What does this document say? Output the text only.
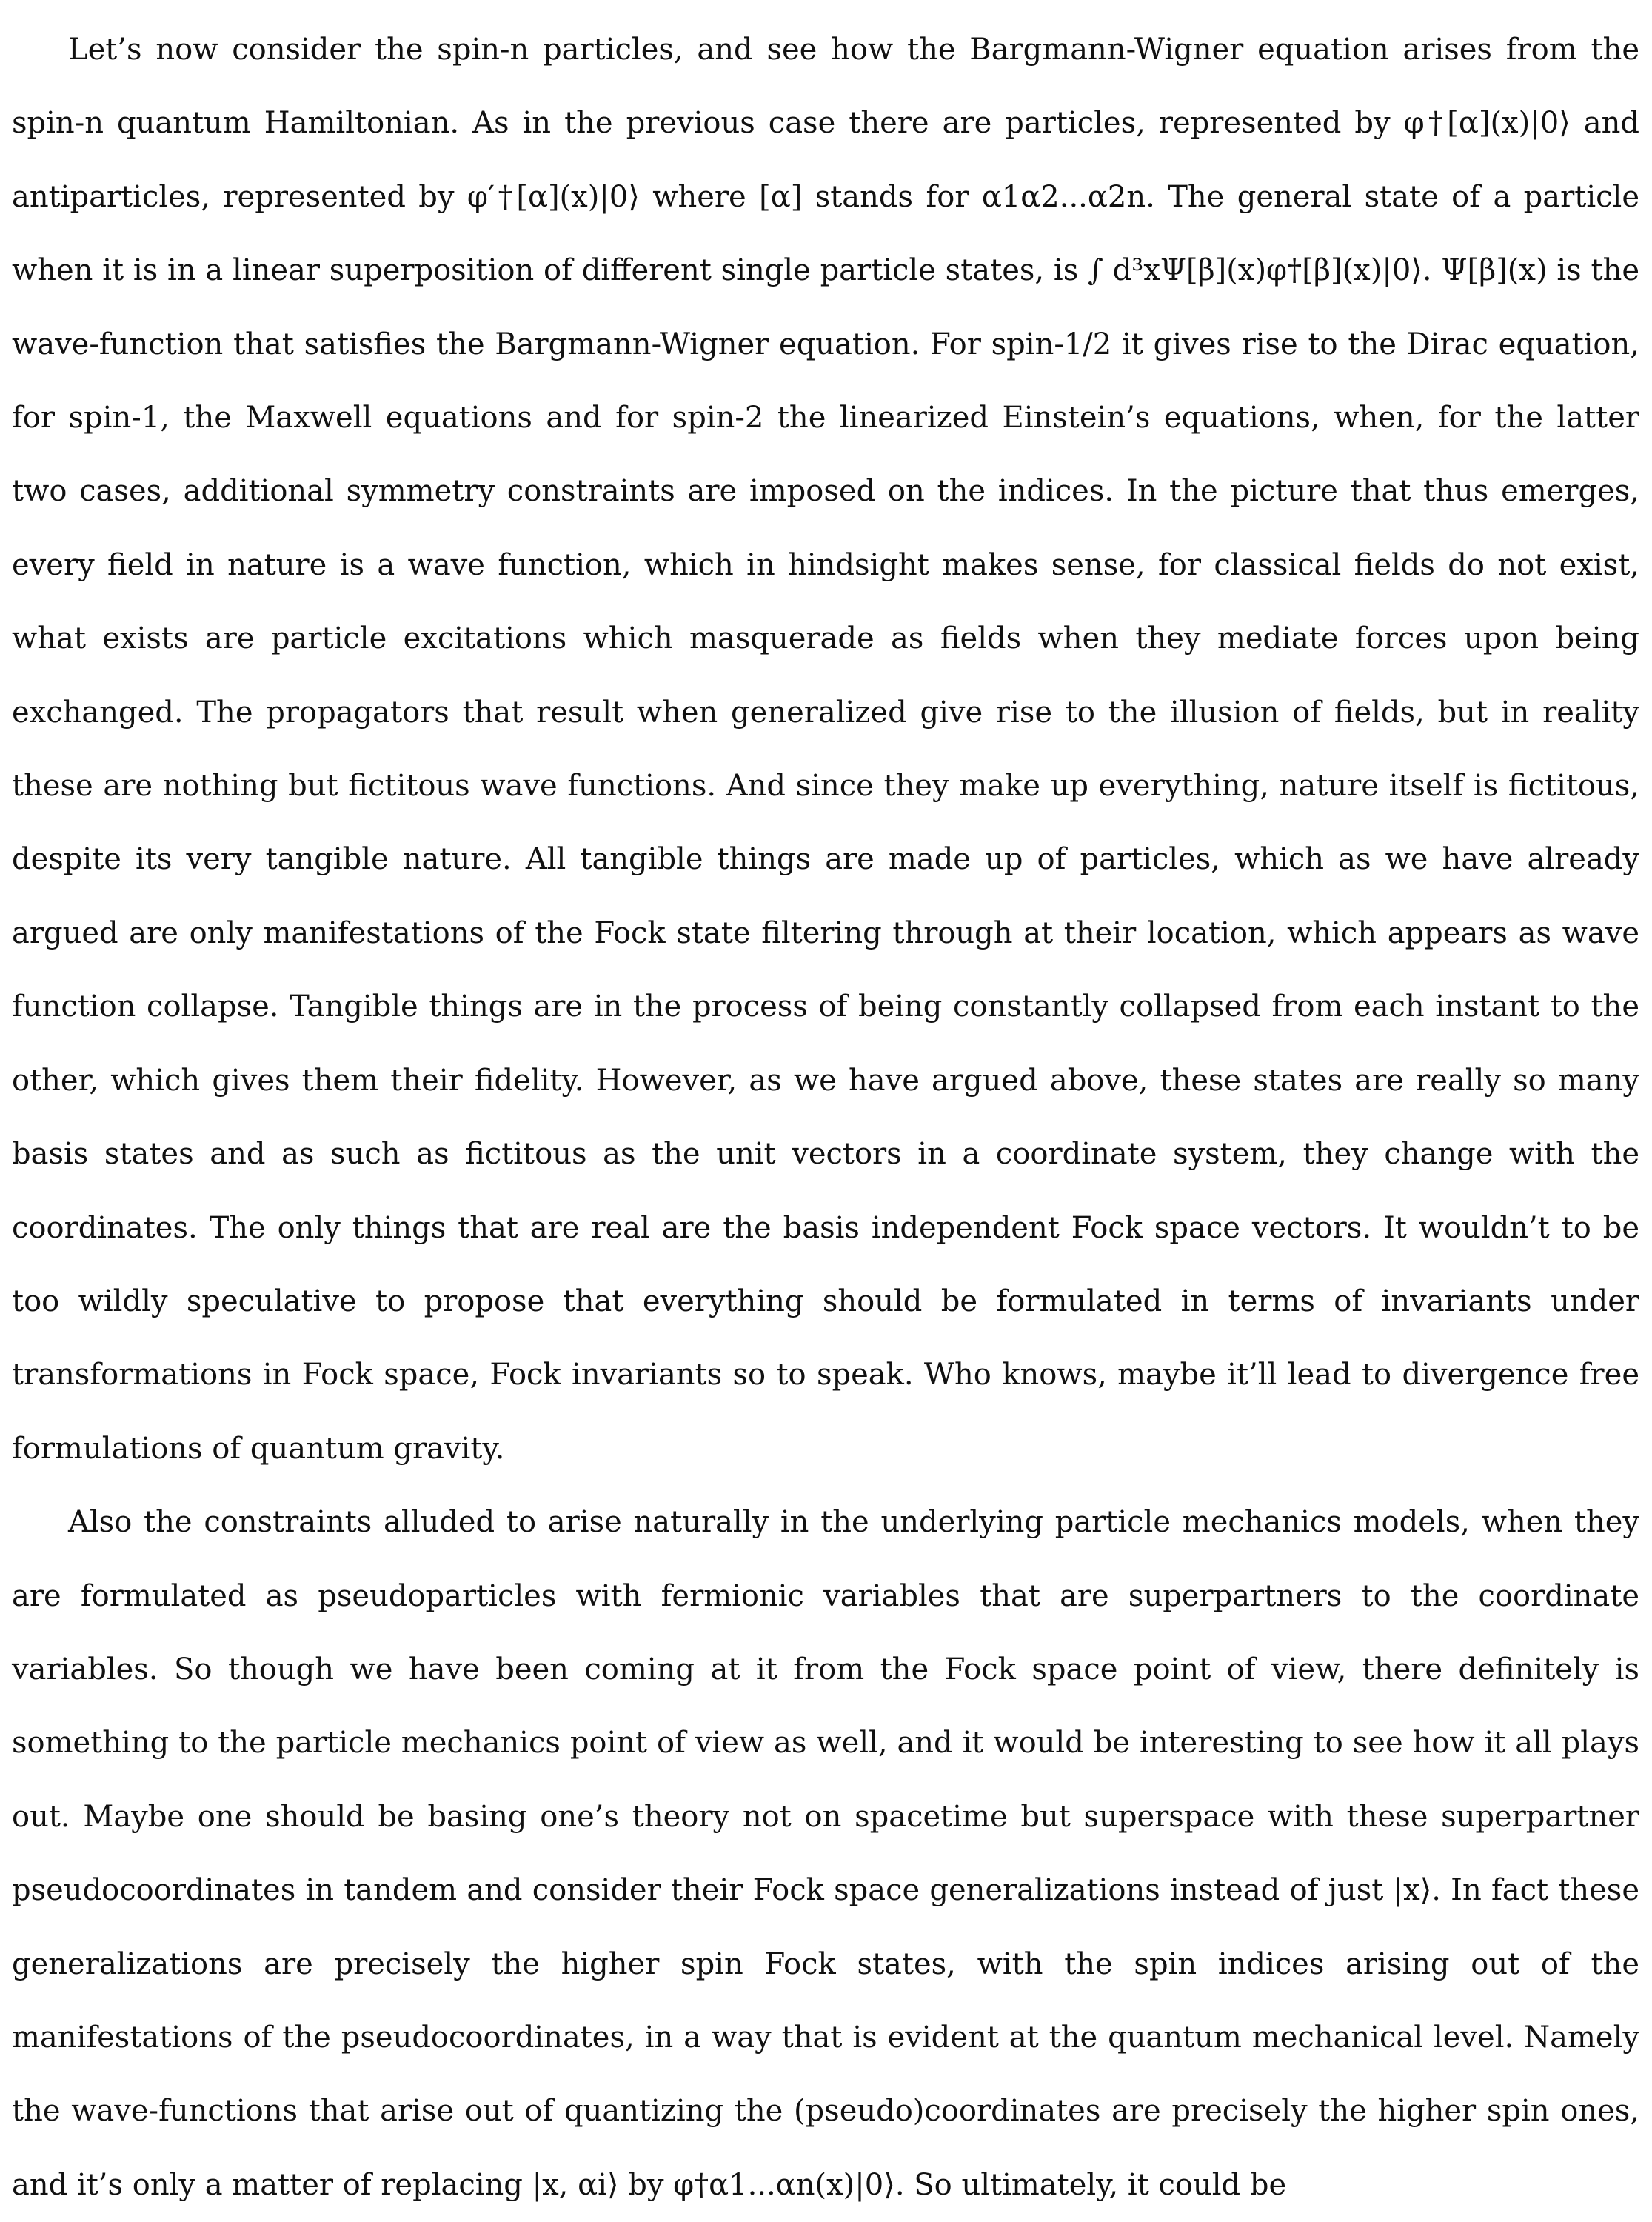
Let’s now consider the spin-n particles, and see how the Bargmann-Wigner equation arises from the spin-n quantum Hamiltonian. As in the previous case there are particles, represented by φ†[α](x)|0⟩ and antiparticles, represented by φ′†[α](x)|0⟩ where [α] stands for α1α2...α2n. The general state of a particle when it is in a linear superposition of different single particle states, is ∫ d³xΨ[β](x)φ†[β](x)|0⟩. Ψ[β](x) is the wave-function that satisfies the Bargmann-Wigner equation. For spin-1/2 it gives rise to the Dirac equation, for spin-1, the Maxwell equations and for spin-2 the linearized Einstein’s equations, when, for the latter two cases, additional symmetry constraints are imposed on the indices. In the picture that thus emerges, every field in nature is a wave function, which in hindsight makes sense, for classical fields do not exist, what exists are particle excitations which masquerade as fields when they mediate forces upon being exchanged. The propagators that result when generalized give rise to the illusion of fields, but in reality these are nothing but fictitous wave functions. And since they make up everything, nature itself is fictitous, despite its very tangible nature. All tangible things are made up of particles, which as we have already argued are only manifestations of the Fock state filtering through at their location, which appears as wave function collapse. Tangible things are in the process of being constantly collapsed from each instant to the other, which gives them their fidelity. However, as we have argued above, these states are really so many basis states and as such as fictitous as the unit vectors in a coordinate system, they change with the coordinates. The only things that are real are the basis independent Fock space vectors. It wouldn’t to be too wildly speculative to propose that everything should be formulated in terms of invariants under transformations in Fock space, Fock invariants so to speak. Who knows, maybe it’ll lead to divergence free formulations of quantum gravity.

Also the constraints alluded to arise naturally in the underlying particle mechanics models, when they are formulated as pseudoparticles with fermionic variables that are superpartners to the coordinate variables. So though we have been coming at it from the Fock space point of view, there definitely is something to the particle mechanics point of view as well, and it would be interesting to see how it all plays out. Maybe one should be basing one’s theory not on spacetime but superspace with these superpartner pseudocoordinates in tandem and consider their Fock space generalizations instead of just |x⟩. In fact these generalizations are precisely the higher spin Fock states, with the spin indices arising out of the manifestations of the pseudocoordinates, in a way that is evident at the quantum mechanical level. Namely the wave-functions that arise out of quantizing the (pseudo)coordinates are precisely the higher spin ones, and it’s only a matter of replacing |x, αi⟩ by φ†α1...αn(x)|0⟩. So ultimately, it could be
